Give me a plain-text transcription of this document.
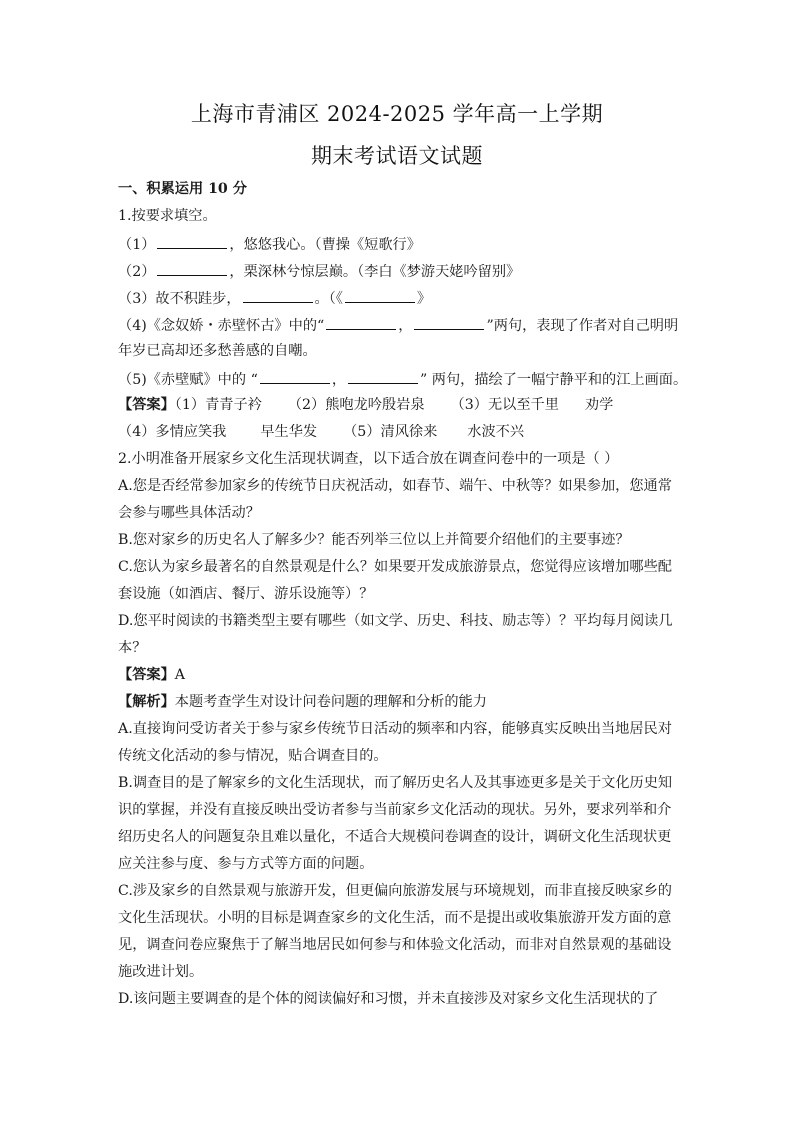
上海市青浦区 2024-2025 学年高一上学期
期末考试语文试题
一、积累运用 10 分
1.按要求填空。
（1）	，悠悠我心。（曹操《短歌行》
（2）	，栗深林兮惊层巅。（李白《梦游天姥吟留别》
（3）故不积跬步，	。（《	》
（4)《念奴娇・赤壁怀古》中的“	，	”两句，表现了作者对自己明明
年岁已高却还多愁善感的自嘲。
（5)《赤壁赋》中的 “	，	” 两句，描绘了一幅宁静平和的江上画面。
【答案】（1）青青子衿 （2）熊咆龙吟殷岩泉 （3）无以至千里 劝学
（4）多情应笑我 早生华发 （5）清风徐来 水波不兴
2.小明准备开展家乡文化生活现状调查，以下适合放在调查问卷中的一项是（ ）
A.您是否经常参加家乡的传统节日庆祝活动，如春节、端午、中秋等？如果参加，您通常
会参与哪些具体活动？
B.您对家乡的历史名人了解多少？能否列举三位以上并简要介绍他们的主要事迹？
C.您认为家乡最著名的自然景观是什么？如果要开发成旅游景点，您觉得应该增加哪些配
套设施（如酒店、餐厅、游乐设施等）？
D.您平时阅读的书籍类型主要有哪些（如文学、历史、科技、励志等）？平均每月阅读几
本？
【答案】A
【解析】本题考查学生对设计问卷问题的理解和分析的能力
A.直接询问受访者关于参与家乡传统节日活动的频率和内容，能够真实反映出当地居民对
传统文化活动的参与情况，贴合调查目的。
B.调查目的是了解家乡的文化生活现状，而了解历史名人及其事迹更多是关于文化历史知
识的掌握，并没有直接反映出受访者参与当前家乡文化活动的现状。另外，要求列举和介
绍历史名人的问题复杂且难以量化，不适合大规模问卷调查的设计，调研文化生活现状更
应关注参与度、参与方式等方面的问题。
C.涉及家乡的自然景观与旅游开发，但更偏向旅游发展与环境规划，而非直接反映家乡的
文化生活现状。小明的目标是调查家乡的文化生活，而不是提出或收集旅游开发方面的意
见，调查问卷应聚焦于了解当地居民如何参与和体验文化活动，而非对自然景观的基础设
施改进计划。
D.该问题主要调查的是个体的阅读偏好和习惯，并未直接涉及对家乡文化生活现状的了
